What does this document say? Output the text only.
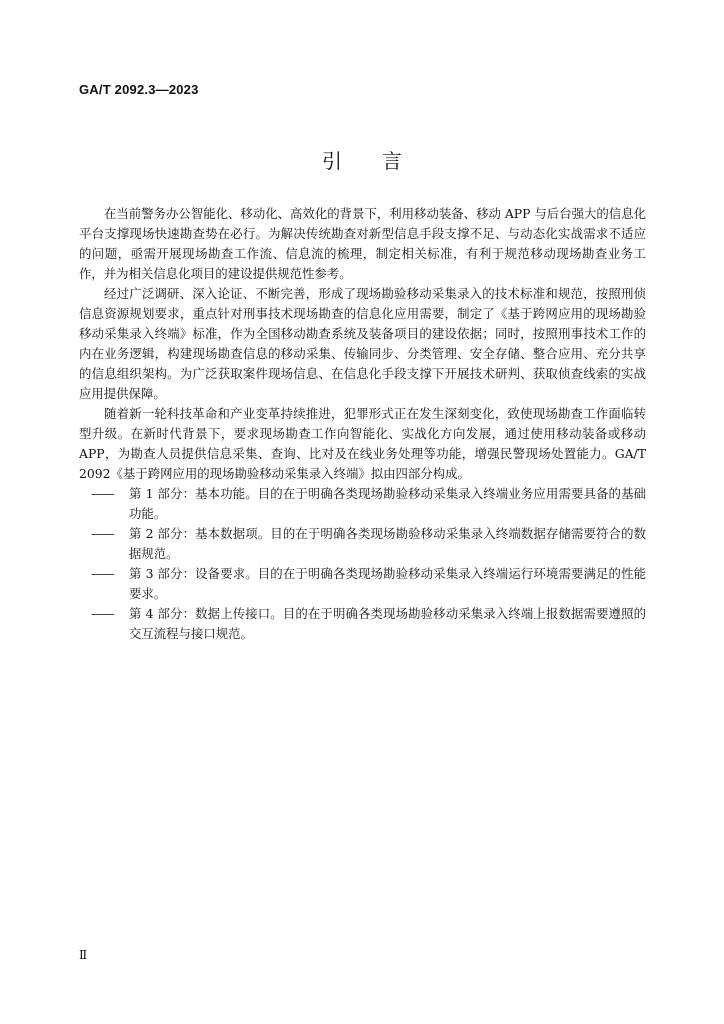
GA/T 2092.3—2023
引言

在当前警务办公智能化、移动化、高效化的背景下，利用移动装备、移动 APP 与后台强大的信息化平台支撑现场快速勘查势在必行。为解决传统勘查对新型信息手段支撑不足、与动态化实战需求不适应的问题，亟需开展现场勘查工作流、信息流的梳理，制定相关标准，有利于规范移动现场勘查业务工作，并为相关信息化项目的建设提供规范性参考。

经过广泛调研、深入论证、不断完善，形成了现场勘验移动采集录入的技术标准和规范，按照刑侦信息资源规划要求，重点针对刑事技术现场勘查的信息化应用需要，制定了《基于跨网应用的现场勘验移动采集录入终端》标准，作为全国移动勘查系统及装备项目的建设依据；同时，按照刑事技术工作的内在业务逻辑，构建现场勘查信息的移动采集、传输同步、分类管理、安全存储、整合应用、充分共享的信息组织架构。为广泛获取案件现场信息、在信息化手段支撑下开展技术研判、获取侦查线索的实战应用提供保障。

随着新一轮科技革命和产业变革持续推进，犯罪形式正在发生深刻变化，致使现场勘查工作面临转型升级。在新时代背景下，要求现场勘查工作向智能化、实战化方向发展，通过使用移动装备或移动 APP，为勘查人员提供信息采集、查询、比对及在线业务处理等功能，增强民警现场处置能力。GA/T 2092《基于跨网应用的现场勘验移动采集录入终端》拟由四部分构成。

——	第 1 部分：基本功能。目的在于明确各类现场勘验移动采集录入终端业务应用需要具备的基础功能。
——	第 2 部分：基本数据项。目的在于明确各类现场勘验移动采集录入终端数据存储需要符合的数据规范。
——	第 3 部分：设备要求。目的在于明确各类现场勘验移动采集录入终端运行环境需要满足的性能要求。
——	第 4 部分：数据上传接口。目的在于明确各类现场勘验移动采集录入终端上报数据需要遵照的交互流程与接口规范。
Ⅱ
